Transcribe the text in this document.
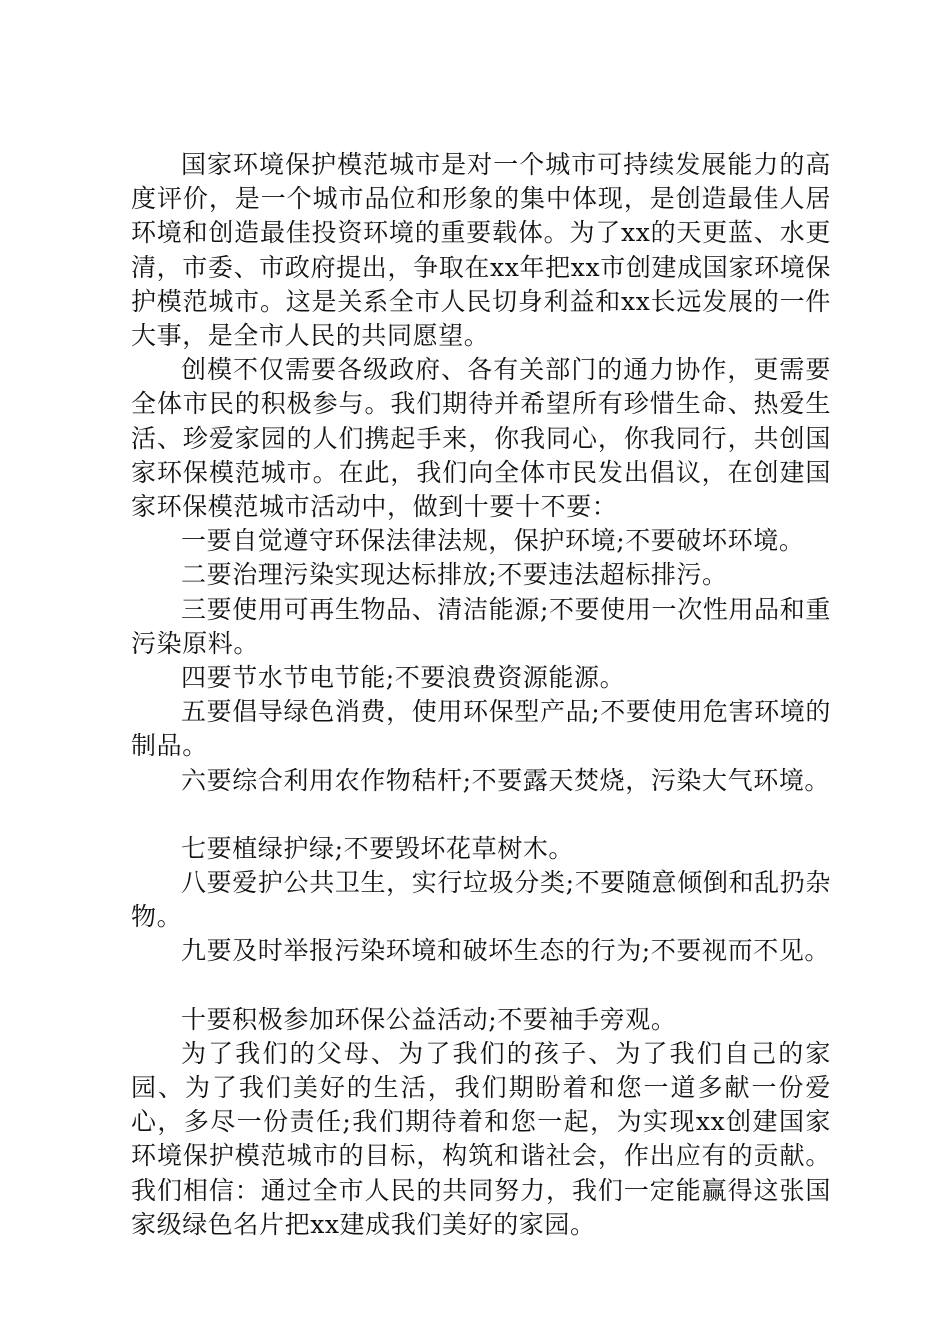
国家环境保护模范城市是对一个城市可持续发展能力的高度评价，是一个城市品位和形象的集中体现，是创造最佳人居环境和创造最佳投资环境的重要载体。为了xx的天更蓝、水更清，市委、市政府提出，争取在xx年把xx市创建成国家环境保护模范城市。这是关系全市人民切身利益和xx长远发展的一件大事，是全市人民的共同愿望。

创模不仅需要各级政府、各有关部门的通力协作，更需要全体市民的积极参与。我们期待并希望所有珍惜生命、热爱生活、珍爱家园的人们携起手来，你我同心，你我同行，共创国家环保模范城市。在此，我们向全体市民发出倡议，在创建国家环保模范城市活动中，做到十要十不要：

一要自觉遵守环保法律法规，保护环境;不要破坏环境。

二要治理污染实现达标排放;不要违法超标排污。

三要使用可再生物品、清洁能源;不要使用一次性用品和重污染原料。

四要节水节电节能;不要浪费资源能源。

五要倡导绿色消费，使用环保型产品;不要使用危害环境的制品。

六要综合利用农作物秸杆;不要露天焚烧，污染大气环境。

七要植绿护绿;不要毁坏花草树木。

八要爱护公共卫生，实行垃圾分类;不要随意倾倒和乱扔杂物。

九要及时举报污染环境和破坏生态的行为;不要视而不见。

十要积极参加环保公益活动;不要袖手旁观。

为了我们的父母、为了我们的孩子、为了我们自己的家园、为了我们美好的生活，我们期盼着和您一道多献一份爱心，多尽一份责任;我们期待着和您一起，为实现xx创建国家环境保护模范城市的目标，构筑和谐社会，作出应有的贡献。我们相信：通过全市人民的共同努力，我们一定能赢得这张国家级绿色名片把xx建成我们美好的家园。
